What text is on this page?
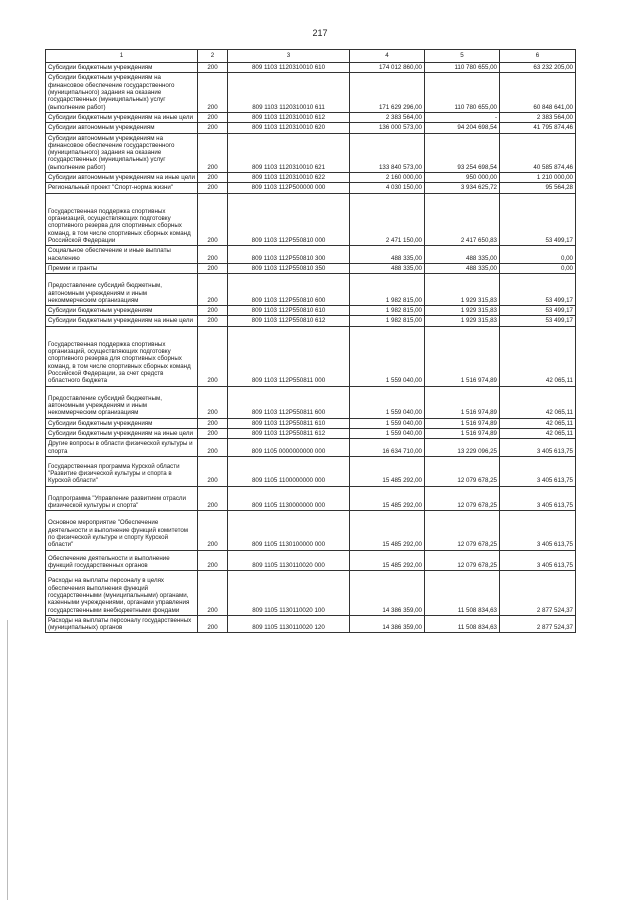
217
1	2	3	4	5	6
Субсидии бюджетным учреждениям	200	809 1103 1120310010 610	174 012 860,00	110 780 655,00	63 232 205,00
Субсидии бюджетным учреждениям на финансовое обеспечение государственного (муниципального) задания на оказание государственных (муниципальных) услуг (выполнение работ)	200	809 1103 1120310010 611	171 629 296,00	110 780 655,00	60 848 641,00
Субсидии бюджетным учреждениям на иные цели	200	809 1103 1120310010 612	2 383 564,00	-	2 383 564,00
Субсидии автономным учреждениям	200	809 1103 1120310010 620	136 000 573,00	94 204 698,54	41 795 874,46
Субсидии автономным учреждениям на финансовое обеспечение государственного (муниципального) задания на оказание государственных (муниципальных) услуг (выполнение работ)	200	809 1103 1120310010 621	133 840 573,00	93 254 698,54	40 585 874,46
Субсидии автономным учреждениям на иные цели	200	809 1103 1120310010 622	2 160 000,00	950 000,00	1 210 000,00
Региональный проект "Спорт-норма жизни"	200	809 1103 112P500000 000	4 030 150,00	3 934 625,72	95 564,28
Государственная поддержка спортивных организаций, осуществляющих подготовку спортивного резерва для спортивных сборных команд, в том числе спортивных сборных команд Российской Федерации	200	809 1103 112P550810 000	2 471 150,00	2 417 650,83	53 499,17
Социальное обеспечение и иные выплаты населению	200	809 1103 112P550810 300	488 335,00	488 335,00	0,00
Премии и гранты	200	809 1103 112P550810 350	488 335,00	488 335,00	0,00
Предоставление субсидий бюджетным, автономным учреждениям и иным некоммерческим организациям	200	809 1103 112P550810 600	1 982 815,00	1 929 315,83	53 499,17
Субсидии бюджетным учреждениям	200	809 1103 112P550810 610	1 982 815,00	1 929 315,83	53 499,17
Субсидии бюджетным учреждениям на иные цели	200	809 1103 112P550810 612	1 982 815,00	1 929 315,83	53 499,17
Государственная поддержка спортивных организаций, осуществляющих подготовку спортивного резерва для спортивных сборных команд, в том числе спортивных сборных команд Российской Федерации, за счет средств областного бюджета	200	809 1103 112P550811 000	1 559 040,00	1 516 974,89	42 065,11
Предоставление субсидий бюджетным, автономным учреждениям и иным некоммерческим организациям	200	809 1103 112P550811 600	1 559 040,00	1 516 974,89	42 065,11
Субсидии бюджетным учреждениям	200	809 1103 112P550811 610	1 559 040,00	1 516 974,89	42 065,11
Субсидии бюджетным учреждениям на иные цели	200	809 1103 112P550811 612	1 559 040,00	1 516 974,89	42 065,11
Другие вопросы в области физической культуры и спорта	200	809 1105 0000000000 000	16 634 710,00	13 229 096,25	3 405 613,75
Государственная программа Курской области "Развитие физической культуры и спорта в Курской области"	200	809 1105 1100000000 000	15 485 292,00	12 079 678,25	3 405 613,75
Подпрограмма "Управление развитием отрасли физической культуры и спорта"	200	809 1105 1130000000 000	15 485 292,00	12 079 678,25	3 405 613,75
Основное мероприятие "Обеспечение деятельности и выполнение функций комитетом по физической культуре и спорту Курской области"	200	809 1105 1130100000 000	15 485 292,00	12 079 678,25	3 405 613,75
Обеспечение деятельности и выполнение функций государственных органов	200	809 1105 1130110020 000	15 485 292,00	12 079 678,25	3 405 613,75
Расходы на выплаты персоналу в целях обеспечения выполнения функций государственными (муниципальными) органами, казенными учреждениями, органами управления государственными внебюджетными фондами	200	809 1105 1130110020 100	14 386 359,00	11 508 834,63	2 877 524,37
Расходы на выплаты персоналу государственных (муниципальных) органов	200	809 1105 1130110020 120	14 386 359,00	11 508 834,63	2 877 524,37
